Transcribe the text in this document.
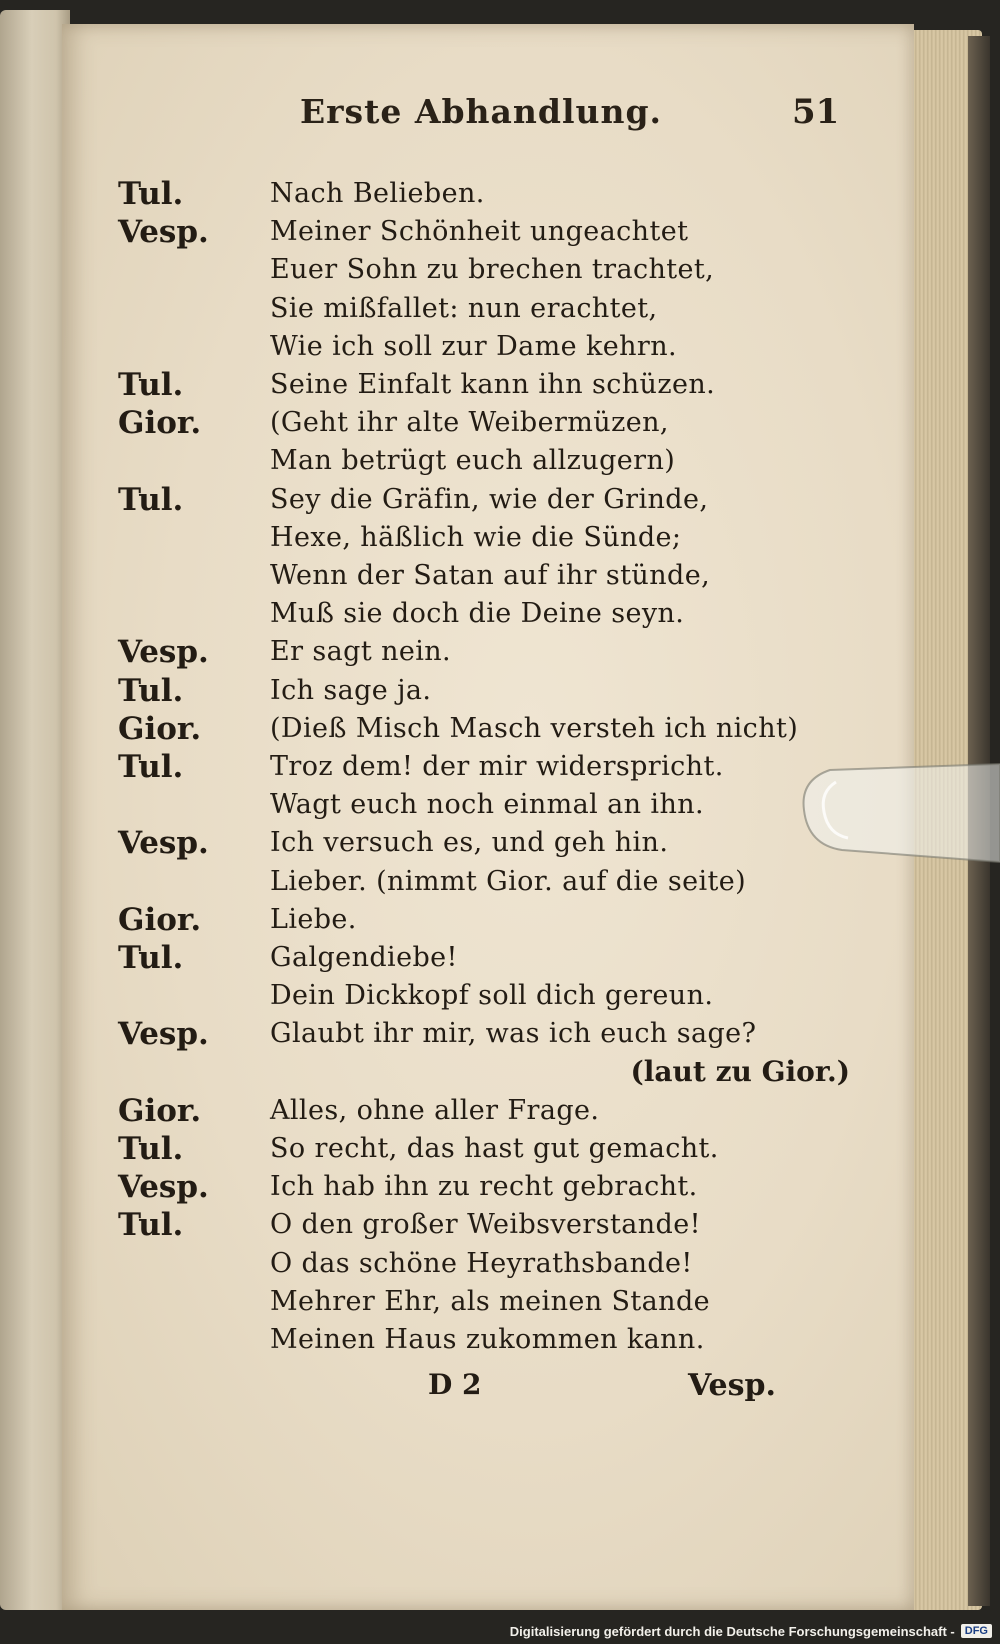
Erste Abhandlung.	51
Tul.	Nach Belieben.
Vesp. Meiner Schönheit ungeachtet
Euer Sohn zu brechen trachtet,
Sie mißfallet: nun erachtet,
Wie ich soll zur Dame kehrn.
Tul.	Seine Einfalt kann ihn schüzen.
Gior.	(Geht ihr alte Weibermüzen,
Man betrügt euch allzugern)
Tul.	Sey die Gräfin, wie der Grinde,
Hexe, häßlich wie die Sünde;
Wenn der Satan auf ihr stünde,
Muß sie doch die Deine seyn.
Vesp. Er sagt nein.
Tul.	Ich sage ja.
Gior.	(Dieß Misch Masch versteh ich nicht)
Tul.	Troz dem! der mir widerspricht.
Wagt euch noch einmal an ihn.
Vesp. Ich versuch es, und geh hin.
Lieber. (nimmt Gior. auf die seite)
Gior.	Liebe.
Tul.	Galgendiebe!
Dein Dickkopf soll dich gereun.
Vesp. Glaubt ihr mir, was ich euch sage?
(laut zu Gior.)
Gior.	Alles, ohne aller Frage.
Tul.	So recht, das hast gut gemacht.
Vesp. Ich hab ihn zu recht gebracht.
Tul.	O den großer Weibsverstande!
O das schöne Heyrathsbande!
Mehrer Ehr, als meinen Stande
Meinen Haus zukommen kann.
D 2	Vesp.
Digitalisierung gefördert durch die Deutsche Forschungsgemeinschaft - DFG
